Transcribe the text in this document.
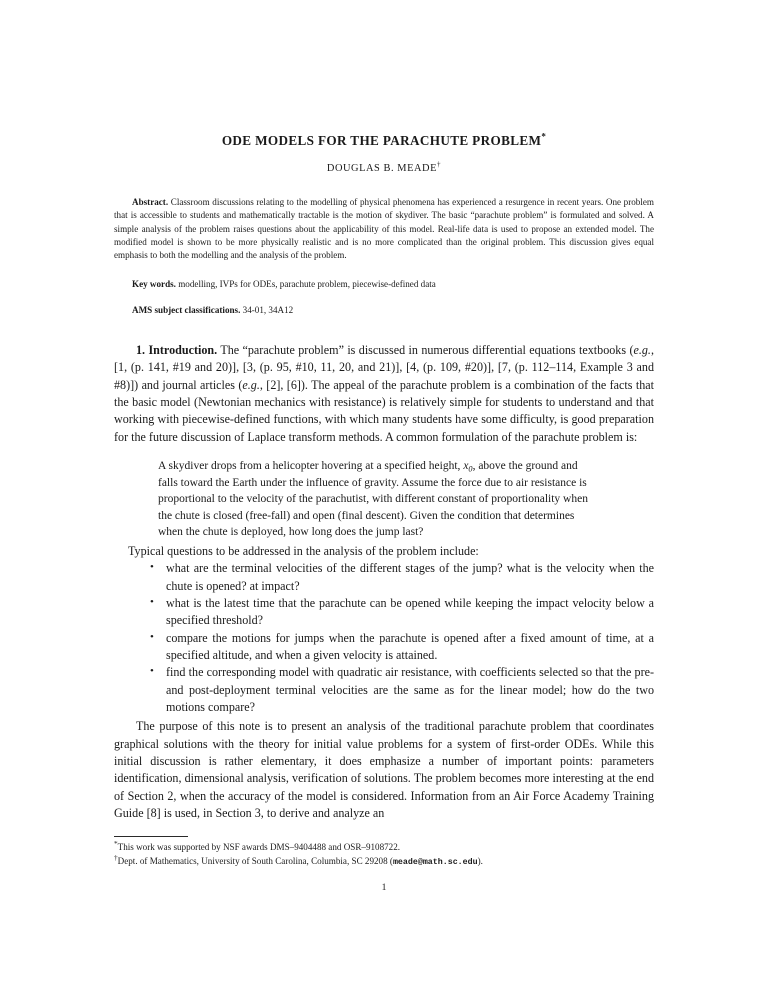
ODE MODELS FOR THE PARACHUTE PROBLEM*
DOUGLAS B. MEADE†
Abstract. Classroom discussions relating to the modelling of physical phenomena has experienced a resurgence in recent years. One problem that is accessible to students and mathematically tractable is the motion of skydiver. The basic “parachute problem” is formulated and solved. A simple analysis of the problem raises questions about the applicability of this model. Real-life data is used to propose an extended model. The modified model is shown to be more physically realistic and is no more complicated than the original problem. This discussion gives equal emphasis to both the modelling and the analysis of the problem.
Key words. modelling, IVPs for ODEs, parachute problem, piecewise-defined data
AMS subject classifications. 34-01, 34A12

1. Introduction. The “parachute problem” is discussed in numerous differential equations textbooks (e.g., [1, (p. 141, #19 and 20)], [3, (p. 95, #10, 11, 20, and 21)], [4, (p. 109, #20)], [7, (p. 112–114, Example 3 and #8)]) and journal articles (e.g., [2], [6]). The appeal of the parachute problem is a combination of the facts that the basic model (Newtonian mechanics with resistance) is relatively simple for students to understand and that working with piecewise-defined functions, with which many students have some difficulty, is good preparation for the future discussion of Laplace transform methods. A common formulation of the parachute problem is:

A skydiver drops from a helicopter hovering at a specified height, $x_0$, above the ground and falls toward the Earth under the influence of gravity. Assume the force due to air resistance is proportional to the velocity of the parachutist, with different constant of proportionality when the chute is closed (free-fall) and open (final descent). Given the condition that determines when the chute is deployed, how long does the jump last?
Typical questions to be addressed in the analysis of the problem include:
• what are the terminal velocities of the different stages of the jump? what is the velocity when the chute is opened? at impact?
• what is the latest time that the parachute can be opened while keeping the impact velocity below a specified threshold?
• compare the motions for jumps when the parachute is opened after a fixed amount of time, at a specified altitude, and when a given velocity is attained.
• find the corresponding model with quadratic air resistance, with coefficients selected so that the pre- and post-deployment terminal velocities are the same as for the linear model; how do the two motions compare?

The purpose of this note is to present an analysis of the traditional parachute problem that coordinates graphical solutions with the theory for initial value problems for a system of first-order ODEs. While this initial discussion is rather elementary, it does emphasize a number of important points: parameters identification, dimensional analysis, verification of solutions. The problem becomes more interesting at the end of Section 2, when the accuracy of the model is considered. Information from an Air Force Academy Training Guide [8] is used, in Section 3, to derive and analyze an

*This work was supported by NSF awards DMS–9404488 and OSR–9108722.
†Dept. of Mathematics, University of South Carolina, Columbia, SC 29208 (meade@math.sc.edu).
1
